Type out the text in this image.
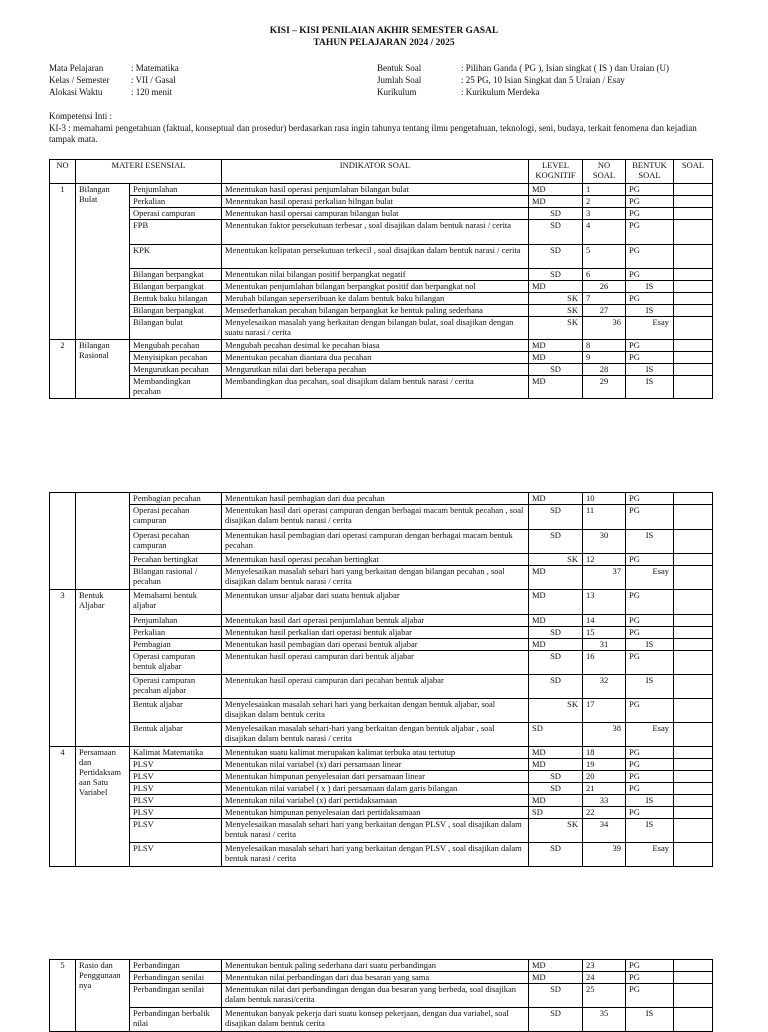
KISI – KISI PENILAIAN AKHIR SEMESTER GASAL
TAHUN PELAJARAN 2024 / 2025
Mata Pelajaran	: Matematika
Kelas / Semester	: VII / Gasal
Alokasi Waktu	: 120 menit
Bentuk Soal	: Pilihan Ganda ( PG ), Isian singkat ( IS ) dan Uraian (U)
Jumlah Soal	: 25 PG, 10 Isian Singkat dan 5 Uraian / Esay
Kurikulum	: Kurikulum Merdeka
Kompetensi Inti :
KI-3 : memahami pengetahuan (faktual, konseptual dan prosedur) berdasarkan rasa ingin tahunya tentang ilmu pengetahuan, teknologi, seni, budaya, terkait fenomena dan kejadian tampak mata.
NO	MATERI ESENSIAL		INDIKATOR SOAL	LEVEL KOGNITIF	NO SOAL	BENTUK SOAL	SOAL
1	Bilangan Bulat	Penjumlahan	Menentukan hasil operasi penjumlahan bilangan bulat	MD	1	PG	
		Perkalian	Menentukan hasil operasi perkalian bilngan bulat	MD	2	PG	
		Operasi campuran	Menentukan hasil opersai campuran bilangan bulat	SD	3	PG	
		FPB	Menentukan faktor persekutuan terbesar , soal disajikan dalam bentuk narasi / cerita	SD	4	PG	
		KPK	Menentukan kelipatan persekutuan terkecil , soal disajikan dalam bentuk narasi / cerita	SD	5	PG	
		Bilangan berpangkat	Menentukan nilai bilangan positif berpangkat negatif	SD	6	PG	
		Bilangan berpangkat	Menentukan penjumlahan bilangan berpangkat positif dan berpangkat nol	MD	26	IS	
		Bentuk baku bilangan	Merubah bilangan seperseribuan ke dalam bentuk baku bilangan	SK	7	PG	
		Bilangan berpangkat	Mensederhanakan pecahan bilangan berpangkat ke bentuk paling sederhana	SK	27	IS	
		Bilangan bulat	Menyelesaikan masalah yang berkaitan dengan bilangan bulat, soal disajikan dengan suatu narasi / cerita	SK	36	Esay	
2	Bilangan Rasional	Mengubah pecahan	Mengubah pecahan desimal ke pecahan biasa	MD	8	PG	
		Menyisipkan pecahan	Menentukan pecahan diantara dua pecahan	MD	9	PG	
		Mengurutkan pecahan	Mengurutkan nilai dari beberapa pecahan	SD	28	IS	
		Membandingkan pecahan	Membandingkan dua pecahan, soal disajikan dalam bentuk narasi / cerita	MD	29	IS	
		Pembagian pecahan	Menentukan hasil pembagian dari dua pecahan	MD	10	PG	
		Operasi pecahan campuran	Menentukan hasil dari operasi campuran dengan berbagai macam bentuk pecahan , soal disajikan dalam bentuk narasi / cerita	SD	11	PG	
		Operasi pecahan campuran	Menentukan hasil pembagian dari operasi campuran dengan berbagai macam bentuk pecahan	SD	30	IS	
		Pecahan bertingkat	Menentukan hasil operasi pecahan bertingkat	SK	12	PG	
		Bilangan rasional / pecahan	Menyelesaikan masalah sehari hari yang berkaitan dengan bilangan pecahan , soal disajikan dalam bentuk narasi / cerita	MD	37	Esay	
3	Bentuk Aljabar	Memahami bentuk aljabar	Menentukan unsur aljabar dari suatu bentuk aljabar	MD	13	PG	
		Penjumlahan	Menentukan hasil dari operasi penjumlahan bentuk aljabar	MD	14	PG	
		Perkalian	Menentukan hasil perkalian dari operasi bentuk aljabar	SD	15	PG	
		Pembagian	Menentukan hasil pembagian dari operasi bentuk aljabar	MD	31	IS	
		Operasi campuran bentuk aljabar	Menentukan hasil operasi campuran dari bentuk aljabar	SD	16	PG	
		Operasi campuran pecahan aljabar	Menentukan hasil operasi campuran dari pecahan bentuk aljabar	SD	32	IS	
		Bentuk aljabar	Menyelesaiakan masalah sehari hari yang berkaitan dengan bentuk aljabar, soal disajikan dalam bentuk cerita	SK	17	PG	
		Bentuk aljabar	Menyelesaikan masalah sehari-hari yang berkaitan dengan bentuk aljabar , soal disajikan dalam bentuk narasi / cerita	SD	38	Esay	
4	Persamaan dan Pertidaksam aan Satu Variabel	Kalimat Matematika	Menentukan suatu kalimat merupakan kalimat terbuka atau tertutup	MD	18	PG	
		PLSV	Menentukan nilai variabel (x) dari persamaan linear	MD	19	PG	
		PLSV	Menentukan himpunan penyelesaian dari persamaan linear	SD	20	PG	
		PLSV	Menentukan nilai variabel ( x ) dari persamaan dalam garis bilangan	SD	21	PG	
		PLSV	Menentukan nilai variabel (x) dari pertidaksamaan	MD	33	IS	
		PLSV	Menentukan himpunan penyelesaian dari pertidaksamaan	SD	22	PG	
		PLSV	Menyelesaikan masalah sehari hari yang berkaitan dengan PLSV , soal disajikan dalam bentuk narasi / cerita	SK	34	IS	
		PLSV	Menyelesaikan masalah sehari hari yang berkaitan dengan PLSV , soal disajikan dalam bentuk narasi / cerita	SD	39	Esay	
5	Rasio dan Penggunaan nya	Perbandingan	Menentukan bentuk paling sederhana dari suatu perbandingan	MD	23	PG	
		Perbandingan senilai	Menentukan nilai perbandingan dari dua besaran yang sama	MD	24	PG	
		Perbandingan senilai	Menentukan nilai dari perbandingan dengan dua besaran yang berbeda, soal disajikan dalam bentuk narasi/cerita	SD	25	PG	
		Perbandingan berbalik nilai	Menentukan banyak pekerja dari suatu konsep pekerjaan, dengan dua variabel, soal disajikan dalam bentuk cerita	SD	35	IS	
